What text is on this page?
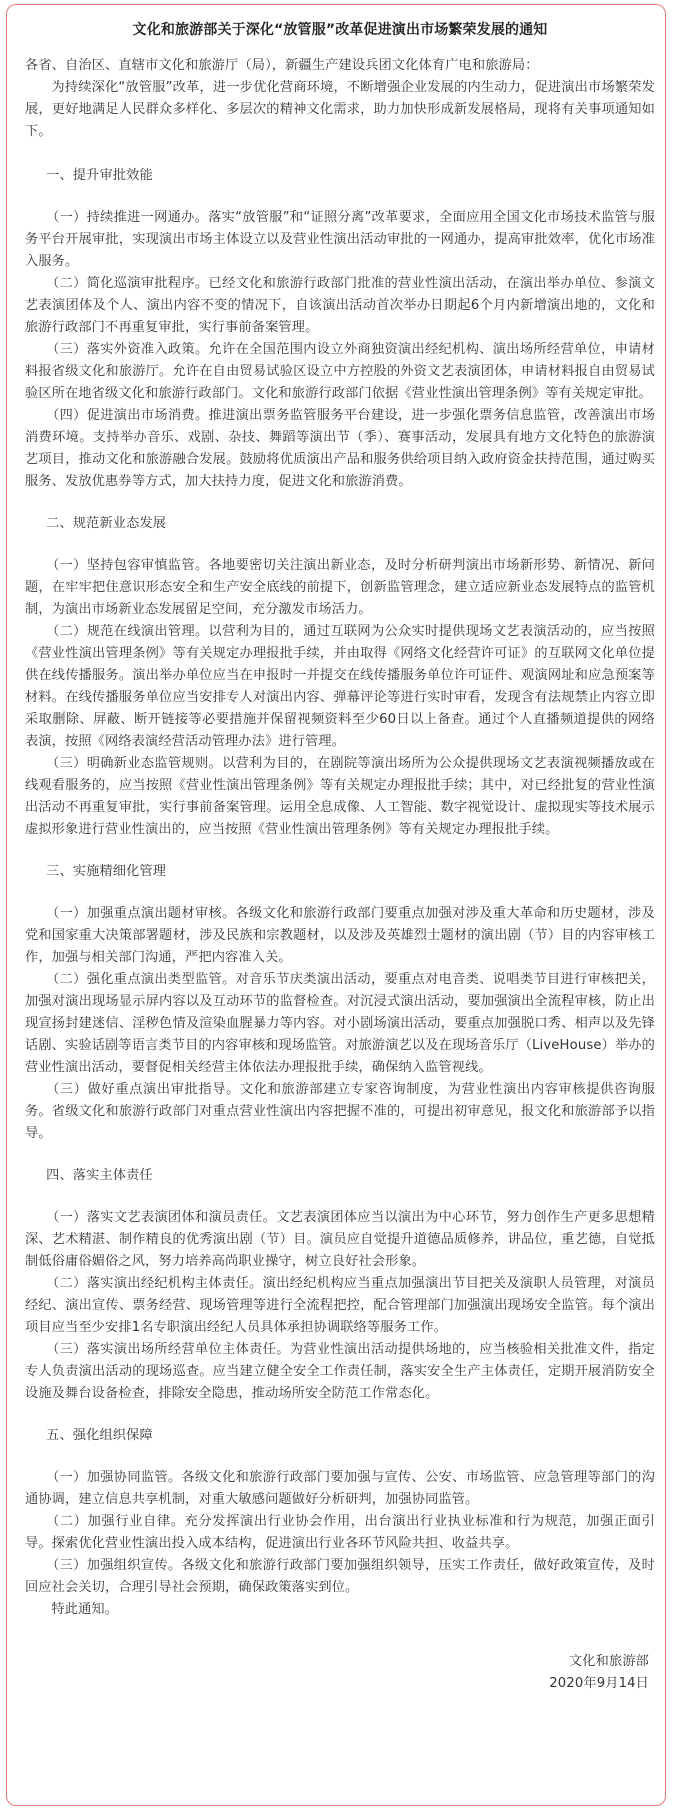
文化和旅游部关于深化“放管服”改革促进演出市场繁荣发展的通知

各省、自治区、直辖市文化和旅游厅（局），新疆生产建设兵团文化体育广电和旅游局：

为持续深化“放管服”改革，进一步优化营商环境，不断增强企业发展的内生动力，促进演出市场繁荣发展，更好地满足人民群众多样化、多层次的精神文化需求，助力加快形成新发展格局，现将有关事项通知如下。

一、提升审批效能

（一）持续推进一网通办。落实“放管服”和“证照分离”改革要求，全面应用全国文化市场技术监管与服务平台开展审批，实现演出市场主体设立以及营业性演出活动审批的一网通办，提高审批效率，优化市场准入服务。

（二）简化巡演审批程序。已经文化和旅游行政部门批准的营业性演出活动，在演出举办单位、参演文艺表演团体及个人、演出内容不变的情况下，自该演出活动首次举办日期起6个月内新增演出地的，文化和旅游行政部门不再重复审批，实行事前备案管理。

（三）落实外资准入政策。允许在全国范围内设立外商独资演出经纪机构、演出场所经营单位，申请材料报省级文化和旅游厅。允许在自由贸易试验区设立中方控股的外资文艺表演团体，申请材料报自由贸易试验区所在地省级文化和旅游行政部门。文化和旅游行政部门依据《营业性演出管理条例》等有关规定审批。

（四）促进演出市场消费。推进演出票务监管服务平台建设，进一步强化票务信息监管，改善演出市场消费环境。支持举办音乐、戏剧、杂技、舞蹈等演出节（季）、赛事活动，发展具有地方文化特色的旅游演艺项目，推动文化和旅游融合发展。鼓励将优质演出产品和服务供给项目纳入政府资金扶持范围，通过购买服务、发放优惠券等方式，加大扶持力度，促进文化和旅游消费。

二、规范新业态发展

（一）坚持包容审慎监管。各地要密切关注演出新业态，及时分析研判演出市场新形势、新情况、新问题，在牢牢把住意识形态安全和生产安全底线的前提下，创新监管理念，建立适应新业态发展特点的监管机制，为演出市场新业态发展留足空间，充分激发市场活力。

（二）规范在线演出管理。以营利为目的，通过互联网为公众实时提供现场文艺表演活动的，应当按照《营业性演出管理条例》等有关规定办理报批手续，并由取得《网络文化经营许可证》的互联网文化单位提供在线传播服务。演出举办单位应当在申报时一并提交在线传播服务单位许可证件、观演网址和应急预案等材料。在线传播服务单位应当安排专人对演出内容、弹幕评论等进行实时审看，发现含有法规禁止内容立即采取删除、屏蔽、断开链接等必要措施并保留视频资料至少60日以上备查。通过个人直播频道提供的网络表演，按照《网络表演经营活动管理办法》进行管理。

（三）明确新业态监管规则。以营利为目的，在剧院等演出场所为公众提供现场文艺表演视频播放或在线观看服务的，应当按照《营业性演出管理条例》等有关规定办理报批手续；其中，对已经批复的营业性演出活动不再重复审批，实行事前备案管理。运用全息成像、人工智能、数字视觉设计、虚拟现实等技术展示虚拟形象进行营业性演出的，应当按照《营业性演出管理条例》等有关规定办理报批手续。

三、实施精细化管理

（一）加强重点演出题材审核。各级文化和旅游行政部门要重点加强对涉及重大革命和历史题材，涉及党和国家重大决策部署题材，涉及民族和宗教题材，以及涉及英雄烈士题材的演出剧（节）目的内容审核工作，加强与相关部门沟通，严把内容准入关。

（二）强化重点演出类型监管。对音乐节庆类演出活动，要重点对电音类、说唱类节目进行审核把关，加强对演出现场显示屏内容以及互动环节的监督检查。对沉浸式演出活动，要加强演出全流程审核，防止出现宣扬封建迷信、淫秽色情及渲染血腥暴力等内容。对小剧场演出活动，要重点加强脱口秀、相声以及先锋话剧、实验话剧等语言类节目的内容审核和现场监管。对旅游演艺以及在现场音乐厅（LiveHouse）举办的营业性演出活动，要督促相关经营主体依法办理报批手续，确保纳入监管视线。

（三）做好重点演出审批指导。文化和旅游部建立专家咨询制度，为营业性演出内容审核提供咨询服务。省级文化和旅游行政部门对重点营业性演出内容把握不准的，可提出初审意见，报文化和旅游部予以指导。

四、落实主体责任

（一）落实文艺表演团体和演员责任。文艺表演团体应当以演出为中心环节，努力创作生产更多思想精深、艺术精湛、制作精良的优秀演出剧（节）目。演员应自觉提升道德品质修养，讲品位，重艺德，自觉抵制低俗庸俗媚俗之风，努力培养高尚职业操守，树立良好社会形象。

（二）落实演出经纪机构主体责任。演出经纪机构应当重点加强演出节目把关及演职人员管理，对演员经纪、演出宣传、票务经营、现场管理等进行全流程把控，配合管理部门加强演出现场安全监管。每个演出项目应当至少安排1名专职演出经纪人员具体承担协调联络等服务工作。

（三）落实演出场所经营单位主体责任。为营业性演出活动提供场地的，应当核验相关批准文件，指定专人负责演出活动的现场巡查。应当建立健全安全工作责任制，落实安全生产主体责任，定期开展消防安全设施及舞台设备检查，排除安全隐患，推动场所安全防范工作常态化。

五、强化组织保障

（一）加强协同监管。各级文化和旅游行政部门要加强与宣传、公安、市场监管、应急管理等部门的沟通协调，建立信息共享机制，对重大敏感问题做好分析研判，加强协同监管。

（二）加强行业自律。充分发挥演出行业协会作用，出台演出行业执业标准和行为规范，加强正面引导。探索优化营业性演出投入成本结构，促进演出行业各环节风险共担、收益共享。

（三）加强组织宣传。各级文化和旅游行政部门要加强组织领导，压实工作责任，做好政策宣传，及时回应社会关切，合理引导社会预期，确保政策落实到位。

特此通知。

文化和旅游部

2020年9月14日
